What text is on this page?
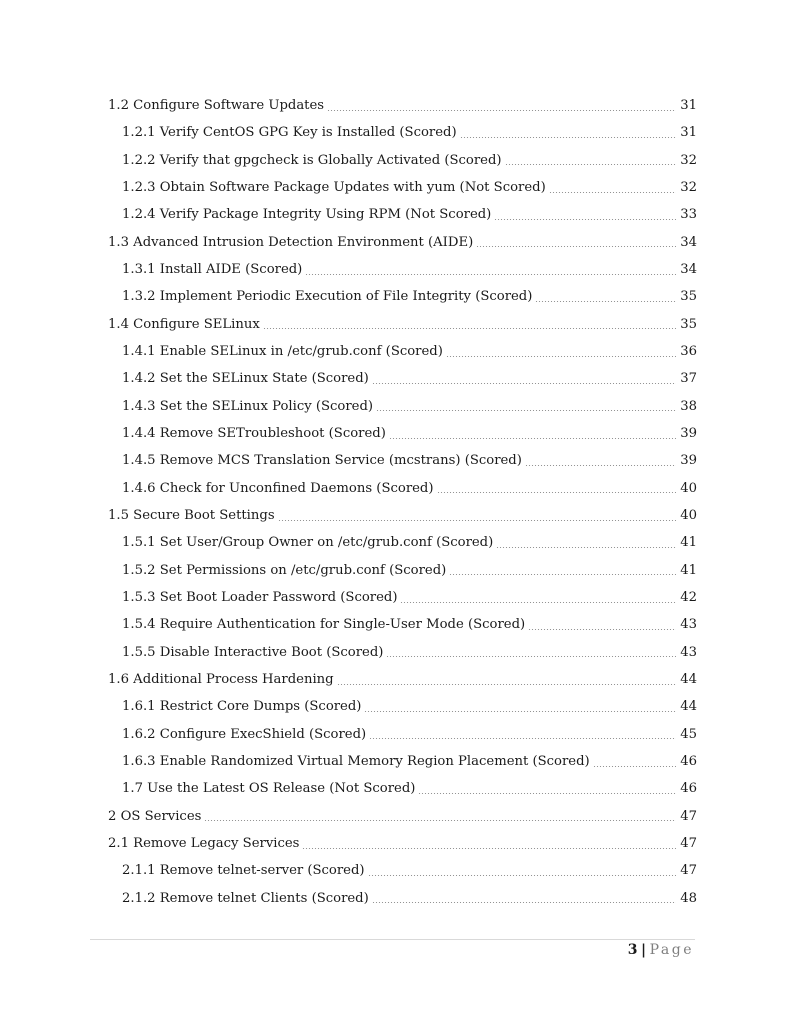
1.2 Configure Software Updates	31
1.2.1 Verify CentOS GPG Key is Installed (Scored)	31
1.2.2 Verify that gpgcheck is Globally Activated (Scored)	32
1.2.3 Obtain Software Package Updates with yum (Not Scored)	32
1.2.4 Verify Package Integrity Using RPM (Not Scored)	33
1.3 Advanced Intrusion Detection Environment (AIDE)	34
1.3.1 Install AIDE (Scored)	34
1.3.2 Implement Periodic Execution of File Integrity (Scored)	35
1.4 Configure SELinux	35
1.4.1 Enable SELinux in /etc/grub.conf (Scored)	36
1.4.2 Set the SELinux State (Scored)	37
1.4.3 Set the SELinux Policy (Scored)	38
1.4.4 Remove SETroubleshoot (Scored)	39
1.4.5 Remove MCS Translation Service (mcstrans) (Scored)	39
1.4.6 Check for Unconfined Daemons (Scored)	40
1.5 Secure Boot Settings	40
1.5.1 Set User/Group Owner on /etc/grub.conf (Scored)	41
1.5.2 Set Permissions on /etc/grub.conf (Scored)	41
1.5.3 Set Boot Loader Password (Scored)	42
1.5.4 Require Authentication for Single-User Mode (Scored)	43
1.5.5 Disable Interactive Boot (Scored)	43
1.6 Additional Process Hardening	44
1.6.1 Restrict Core Dumps (Scored)	44
1.6.2 Configure ExecShield (Scored)	45
1.6.3 Enable Randomized Virtual Memory Region Placement (Scored)	46
1.7 Use the Latest OS Release (Not Scored)	46
2 OS Services	47
2.1 Remove Legacy Services	47
2.1.1 Remove telnet-server (Scored)	47
2.1.2 Remove telnet Clients (Scored)	48
3 | Page
